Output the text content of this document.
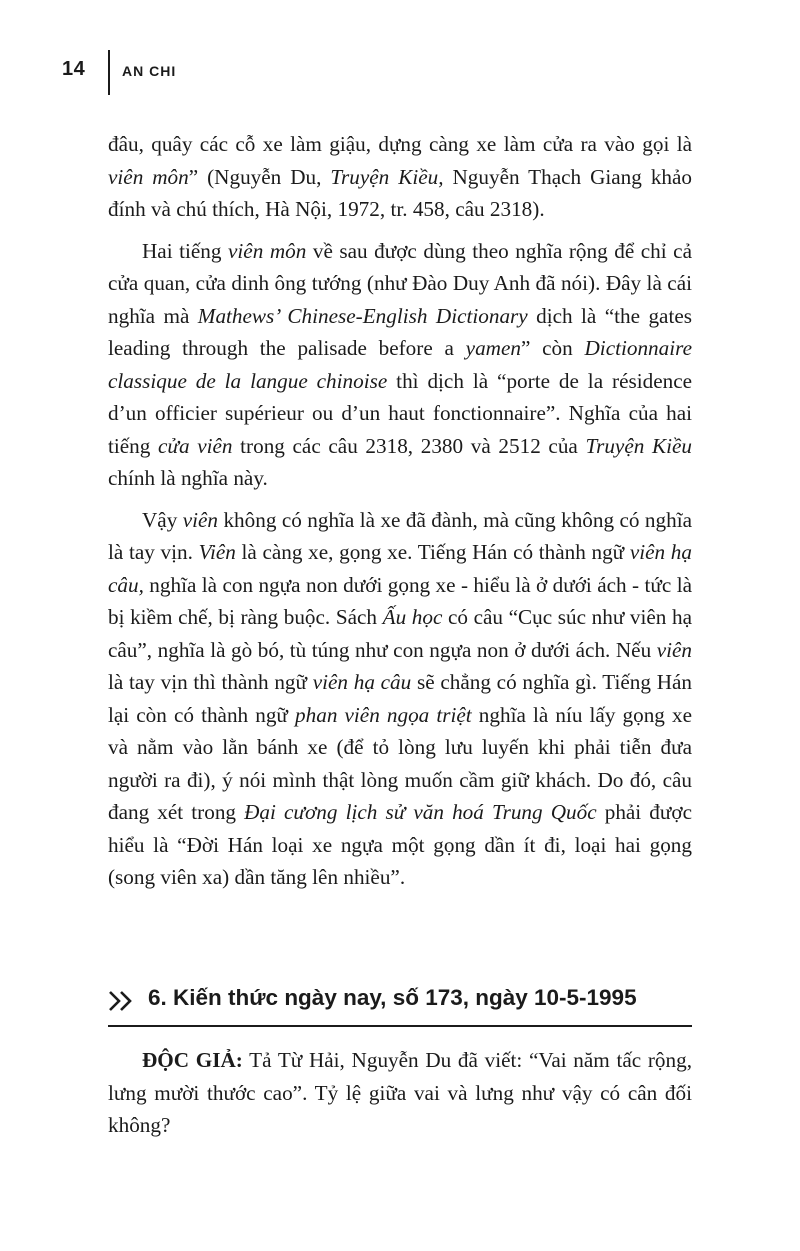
14	AN CHI

đâu, quây các cỗ xe làm giậu, dựng càng xe làm cửa ra vào gọi là viên môn” (Nguyễn Du, Truyện Kiều, Nguyễn Thạch Giang khảo đính và chú thích, Hà Nội, 1972, tr. 458, câu 2318).

Hai tiếng viên môn về sau được dùng theo nghĩa rộng để chỉ cả cửa quan, cửa dinh ông tướng (như Đào Duy Anh đã nói). Đây là cái nghĩa mà Mathews’ Chinese-English Dictionary dịch là “the gates leading through the palisade before a yamen” còn Dictionnaire classique de la langue chinoise thì dịch là “porte de la résidence d’un officier supérieur ou d’un haut fonctionnaire”. Nghĩa của hai tiếng cửa viên trong các câu 2318, 2380 và 2512 của Truyện Kiều chính là nghĩa này.

Vậy viên không có nghĩa là xe đã đành, mà cũng không có nghĩa là tay vịn. Viên là càng xe, gọng xe. Tiếng Hán có thành ngữ viên hạ câu, nghĩa là con ngựa non dưới gọng xe - hiểu là ở dưới ách - tức là bị kiềm chế, bị ràng buộc. Sách Ấu học có câu “Cục súc như viên hạ câu”, nghĩa là gò bó, tù túng như con ngựa non ở dưới ách. Nếu viên là tay vịn thì thành ngữ viên hạ câu sẽ chẳng có nghĩa gì. Tiếng Hán lại còn có thành ngữ phan viên ngọa triệt nghĩa là níu lấy gọng xe và nằm vào lằn bánh xe (để tỏ lòng lưu luyến khi phải tiễn đưa người ra đi), ý nói mình thật lòng muốn cầm giữ khách. Do đó, câu đang xét trong Đại cương lịch sử văn hoá Trung Quốc phải được hiểu là “Đời Hán loại xe ngựa một gọng dần ít đi, loại hai gọng (song viên xa) dần tăng lên nhiều”.

6. Kiến thức ngày nay, số 173, ngày 10-5-1995

ĐỘC GIẢ: Tả Từ Hải, Nguyễn Du đã viết: “Vai năm tấc rộng, lưng mười thước cao”. Tỷ lệ giữa vai và lưng như vậy có cân đối không?
